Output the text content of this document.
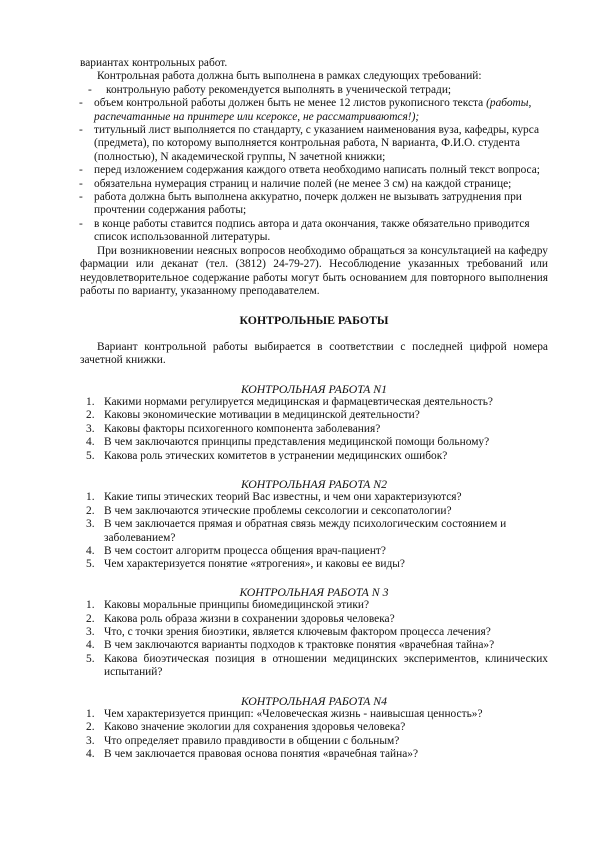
вариантах контрольных работ.
Контрольная работа должна быть выполнена в рамках следующих требований:
- контрольную работу рекомендуется выполнять в ученической тетради;
- объем контрольной работы должен быть не менее 12 листов рукописного текста (работы, распечатанные на принтере или ксероксе, не рассматриваются!);
- титульный лист выполняется по стандарту, с указанием наименования вуза, кафедры, курса (предмета), по которому выполняется контрольная работа, N варианта, Ф.И.О. студента (полностью), N академической группы, N зачетной книжки;
- перед изложением содержания каждого ответа необходимо написать полный текст вопроса;
- обязательна нумерация страниц и наличие полей (не менее 3 см) на каждой странице;
- работа должна быть выполнена аккуратно, почерк должен не вызывать затруднения при прочтении содержания работы;
- в конце работы ставится подпись автора и дата окончания, также обязательно приводится список использованной литературы.
При возникновении неясных вопросов необходимо обращаться за консультацией на кафедру фармации или деканат (тел. (3812) 24-79-27). Несоблюдение указанных требований или неудовлетворительное содержание работы могут быть основанием для повторного выполнения работы по варианту, указанному преподавателем.
КОНТРОЛЬНЫЕ РАБОТЫ
Вариант контрольной работы выбирается в соответствии с последней цифрой номера зачетной книжки.
КОНТРОЛЬНАЯ РАБОТА N1
1. Какими нормами регулируется медицинская и фармацевтическая деятельность?
2. Каковы экономические мотивации в медицинской деятельности?
3. Каковы факторы психогенного компонента заболевания?
4. В чем заключаются принципы представления медицинской помощи больному?
5. Какова роль этических комитетов в устранении медицинских ошибок?
КОНТРОЛЬНАЯ РАБОТА N2
1. Какие типы этических теорий Вас известны, и чем они характеризуются?
2. В чем заключаются этические проблемы сексологии и сексопатологии?
3. В чем заключается прямая и обратная связь между психологическим состоянием и заболеванием?
4. В чем состоит алгоритм процесса общения врач-пациент?
5. Чем характеризуется понятие «ятрогения», и каковы ее виды?
КОНТРОЛЬНАЯ РАБОТА N 3
1. Каковы моральные принципы биомедицинской этики?
2. Какова роль образа жизни в сохранении здоровья человека?
3. Что, с точки зрения биоэтики, является ключевым фактором процесса лечения?
4. В чем заключаются варианты подходов к трактовке понятия «врачебная тайна»?
5. Какова биоэтическая позиция в отношении медицинских экспериментов, клинических испытаний?
КОНТРОЛЬНАЯ РАБОТА N4
1. Чем характеризуется принцип: «Человеческая жизнь - наивысшая ценность»?
2. Каково значение экологии для сохранения здоровья человека?
3. Что определяет правило правдивости в общении с больным?
4. В чем заключается правовая основа понятия «врачебная тайна»?
